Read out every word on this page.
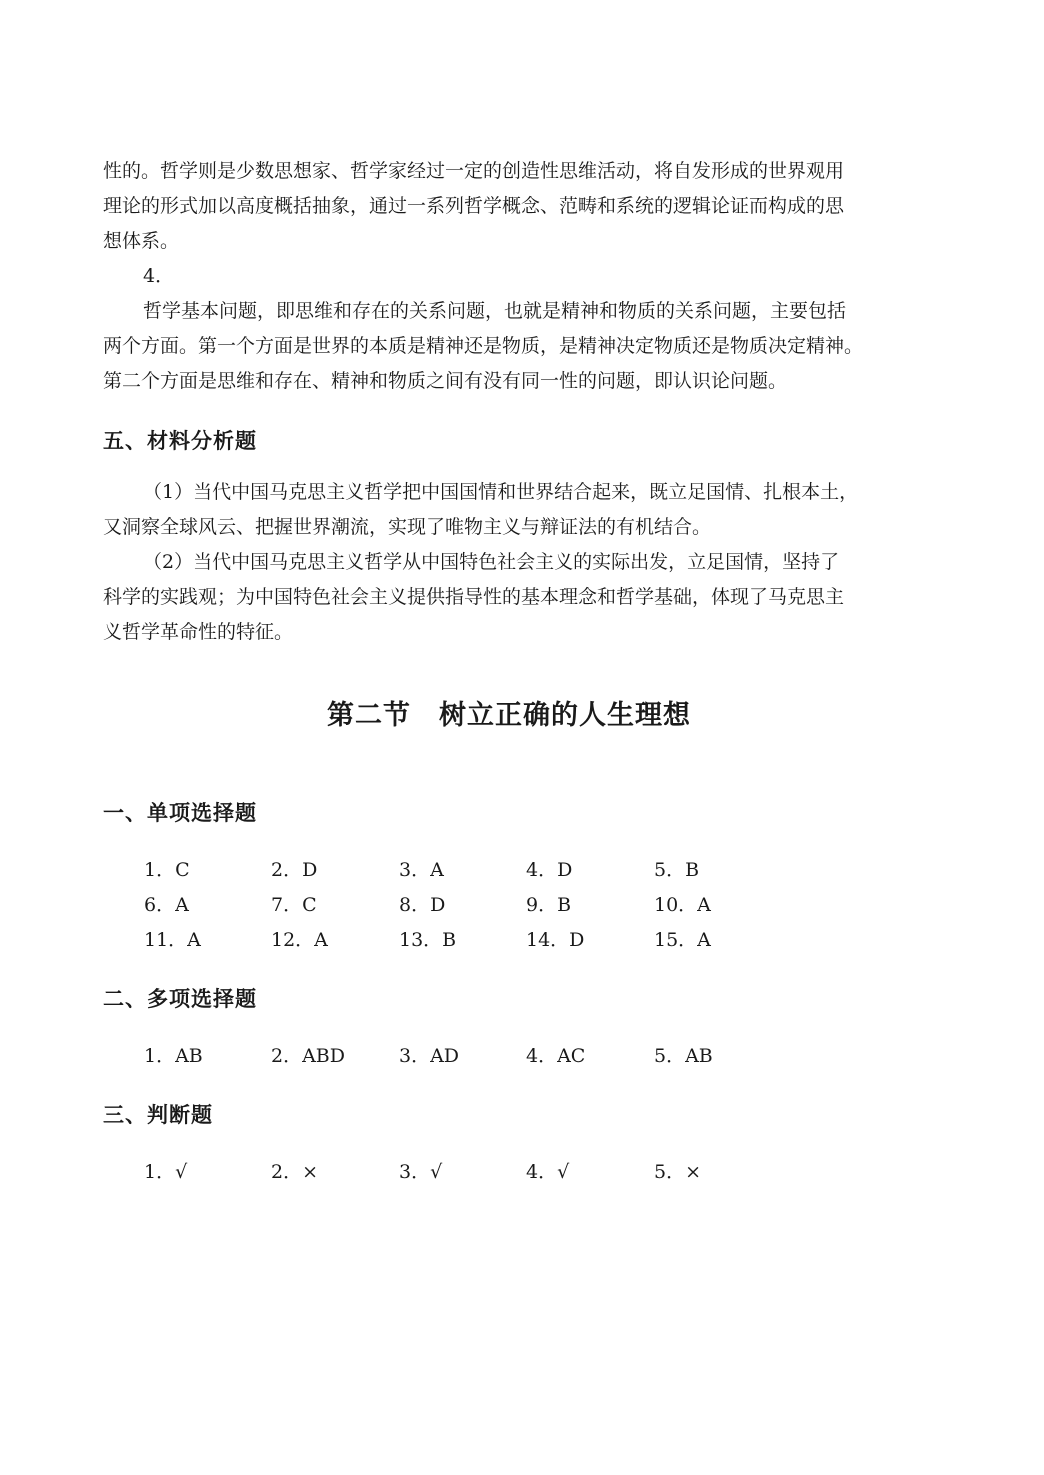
性的。哲学则是少数思想家、哲学家经过一定的创造性思维活动，将自发形成的世界观用

理论的形式加以高度概括抽象，通过一系列哲学概念、范畴和系统的逻辑论证而构成的思

想体系。

4．

哲学基本问题，即思维和存在的关系问题，也就是精神和物质的关系问题，主要包括

两个方面。第一个方面是世界的本质是精神还是物质，是精神决定物质还是物质决定精神。

第二个方面是思维和存在、精神和物质之间有没有同一性的问题，即认识论问题。

五、材料分析题

（1）当代中国马克思主义哲学把中国国情和世界结合起来，既立足国情、扎根本土，

又洞察全球风云、把握世界潮流，实现了唯物主义与辩证法的有机结合。

（2）当代中国马克思主义哲学从中国特色社会主义的实际出发，立足国情，坚持了

科学的实践观；为中国特色社会主义提供指导性的基本理念和哲学基础，体现了马克思主

义哲学革命性的特征。

第二节　树立正确的人生理想
一、单项选择题
1．C	2．D	3．A	4．D	5．B
6．A	7．C	8．D	9．B	10．A
11．A	12．A	13．B	14．D	15．A
二、多项选择题
1．AB	2．ABD	3．AD	4．AC	5．AB
三、判断题
1．√	2．×	3．√	4．√	5．×
